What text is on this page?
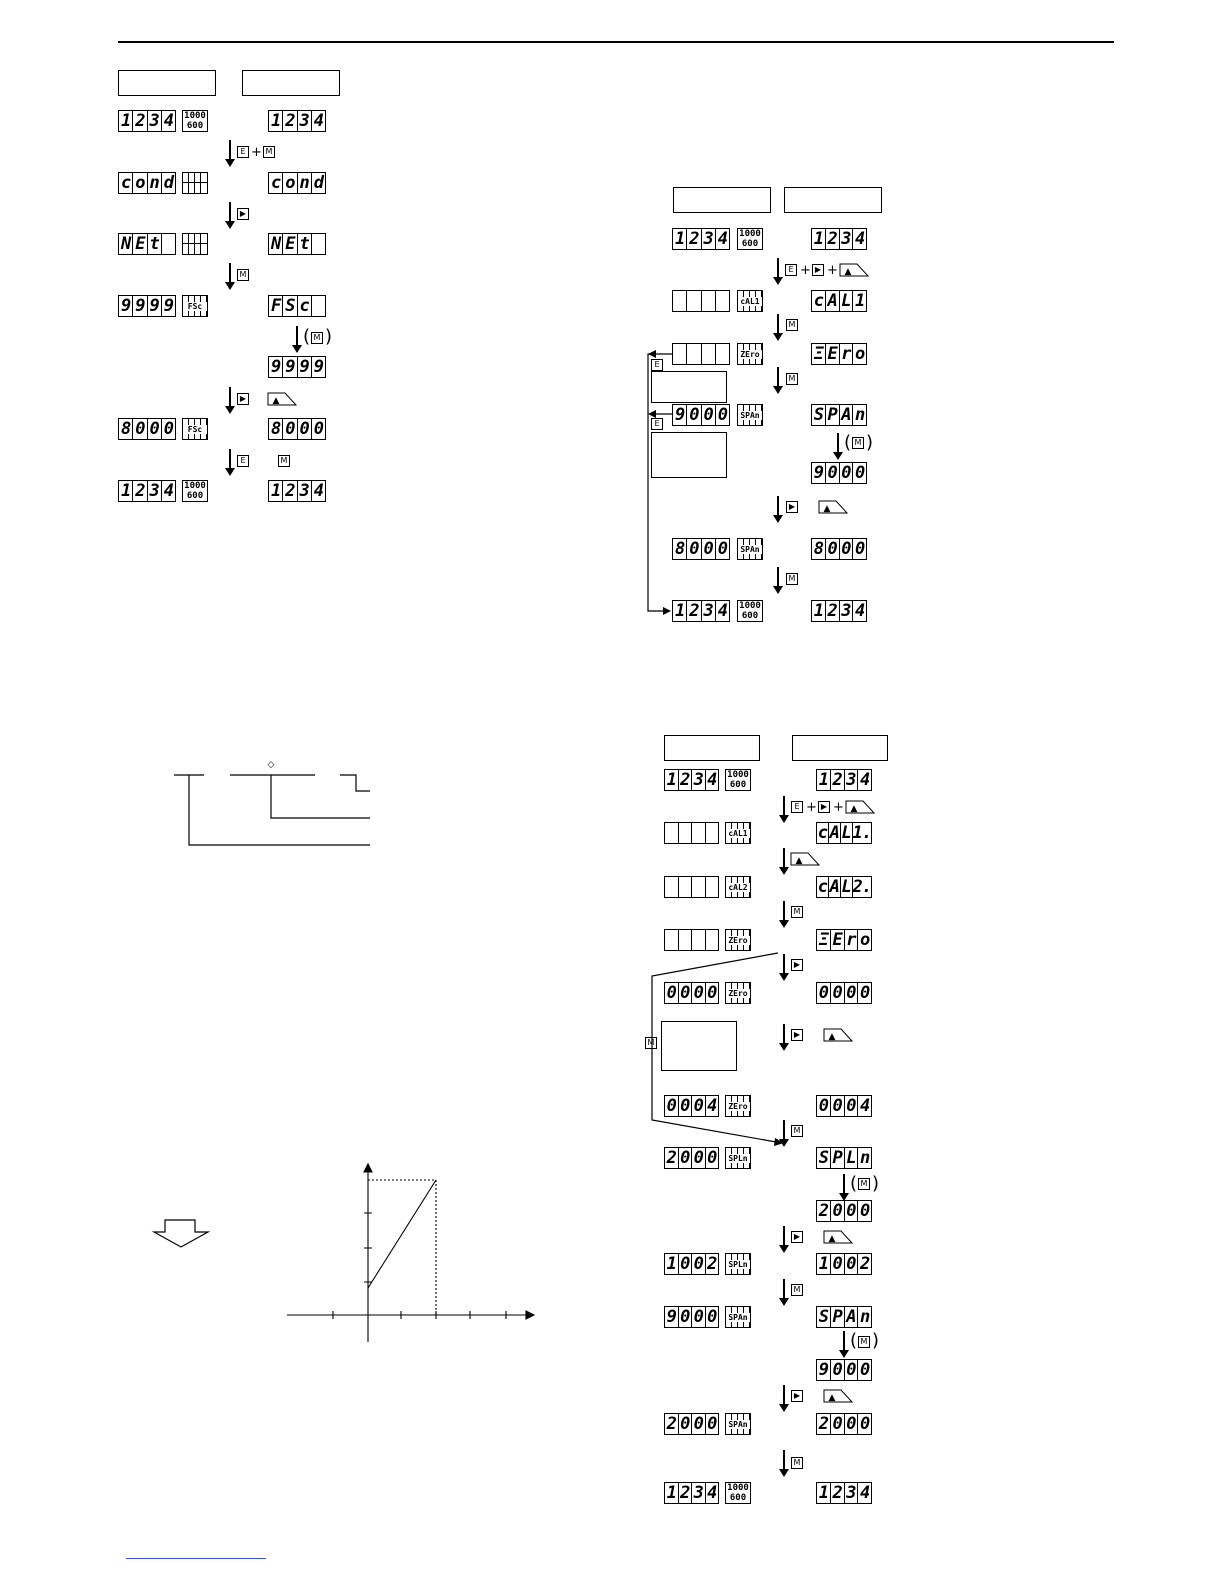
1 2 3 4 1000 600	1 2 3 4
E + M
c o n d	c o n d
▶
N E t	N E t
M
9 9 9 9	FSc	F S c
( M )
9 9 9 9
▶	▲
8 0 0 0	FSc	8 0 0 0
E	M
1 2 3 4 1000 600	1 2 3 4
1 2 3 4 1000 600	1 2 3 4
E + ▶ + ▲
cAL1	c A L 1
M
ZEro	Ξ E r o
E
M
9 0 0 0 SPAn	S P A n
E
( M )
9 0 0 0
▶	▲
8 0 0 0 SPAn	8 0 0 0
M
1 2 3 4 1000 600	1 2 3 4
1 2 3 4 1000 600	1 2 3 4
E + ▶ + ▲
cAL1	c A L 1.
▲
cAL2	c A L 2.
M
ZEro	Ξ E r o
▶
0 0 0 0 ZEro	0 0 0 0
M
▶	▲
0 0 0 4 ZEro	0 0 0 4
M
2 0 0 0 SPLn	S P L n
( M )
2 0 0 0
▶	▲
1 0 0 2 SPLn	1 0 0 2
M
9 0 0 0 SPAn	S P A n
( M )
9 0 0 0
▶	▲
2 0 0 0 SPAn	2 0 0 0
M
1 2 3 4 1000 600	1 2 3 4
◇
